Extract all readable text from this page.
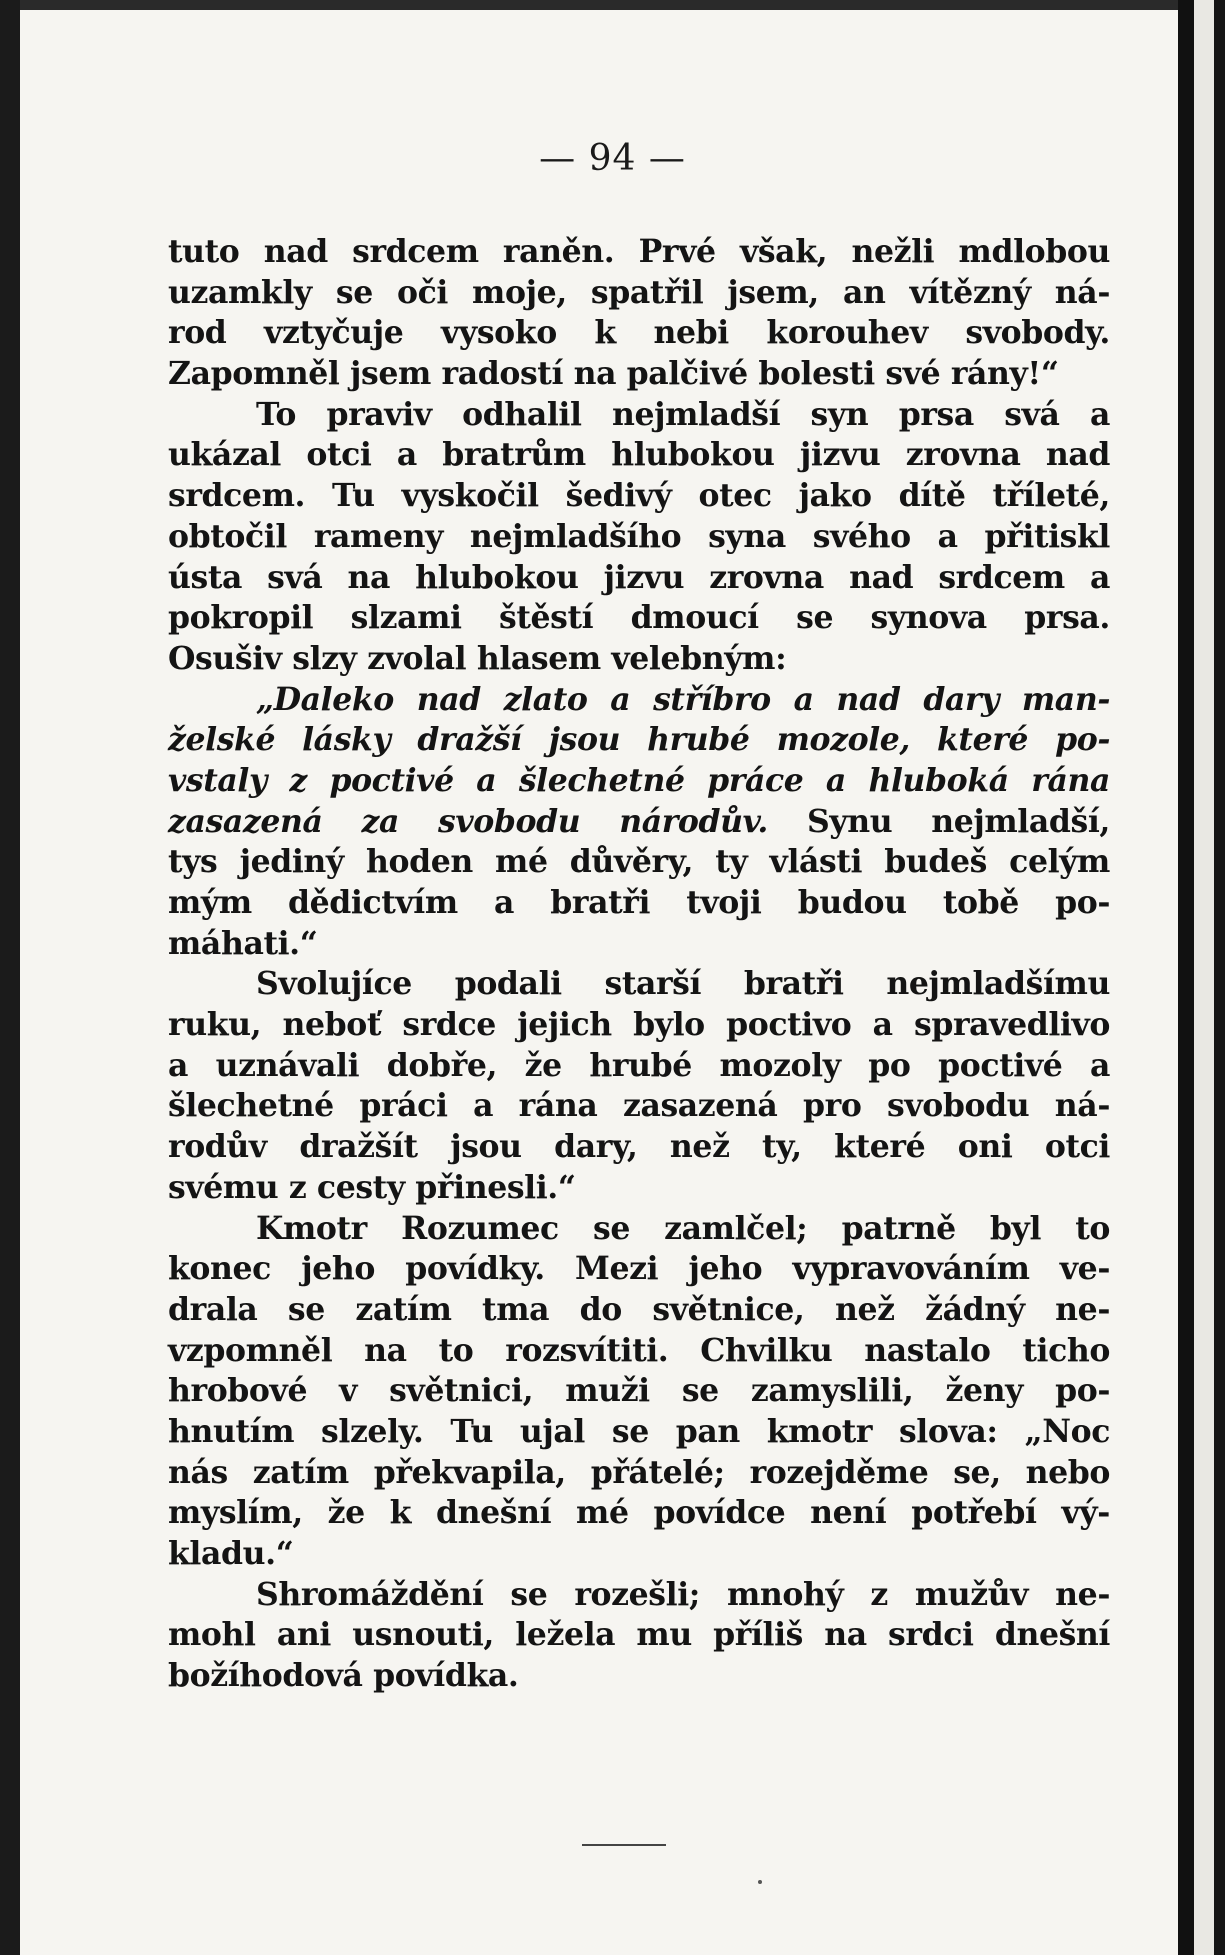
— 94 —
tuto nad srdcem raněn. Prvé však, nežli mdlobou
uzamkly se oči moje, spatřil jsem, an vítězný ná-
rod vztyčuje vysoko k nebi korouhev svobody.
Zapomněl jsem radostí na palčivé bolesti své rány!“
To praviv odhalil nejmladší syn prsa svá a
ukázal otci a bratrům hlubokou jizvu zrovna nad
srdcem. Tu vyskočil šedivý otec jako dítě tříleté,
obtočil rameny nejmladšího syna svého a přitiskl
ústa svá na hlubokou jizvu zrovna nad srdcem a
pokropil slzami štěstí dmoucí se synova prsa.
Osušiv slzy zvolal hlasem velebným:
„Daleko nad zlato a stříbro a nad dary man-
želské lásky dražší jsou hrubé mozole, které po-
vstaly z poctivé a šlechetné práce a hluboká rána
zasazená za svobodu národův. Synu nejmladší,
tys jediný hoden mé důvěry, ty vlásti budeš celým
mým dědictvím a bratři tvoji budou tobě po-
máhati.“
Svolujíce podali starší bratři nejmladšímu
ruku, neboť srdce jejich bylo poctivo a spravedlivo
a uznávali dobře, že hrubé mozoly po poctivé a
šlechetné práci a rána zasazená pro svobodu ná-
rodův dražšít jsou dary, než ty, které oni otci
svému z cesty přinesli.“
Kmotr Rozumec se zamlčel; patrně byl to
konec jeho povídky. Mezi jeho vypravováním ve-
drala se zatím tma do světnice, než žádný ne-
vzpomněl na to rozsvítiti. Chvilku nastalo ticho
hrobové v světnici, muži se zamyslili, ženy po-
hnutím slzely. Tu ujal se pan kmotr slova: „Noc
nás zatím překvapila, přátelé; rozejděme se, nebo
myslím, že k dnešní mé povídce není potřebí vý-
kladu.“
Shromáždění se rozešli; mnohý z mužův ne-
mohl ani usnouti, ležela mu příliš na srdci dnešní
božíhodová povídka.
